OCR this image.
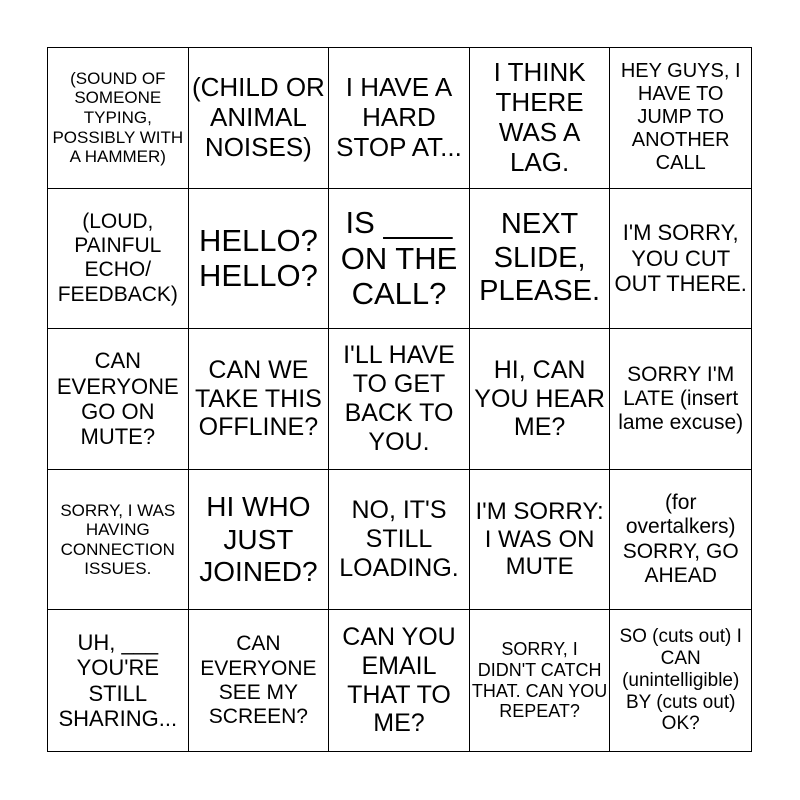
(SOUND OF SOMEONE TYPING, POSSIBLY WITH A HAMMER)
(CHILD OR ANIMAL NOISES)
I HAVE A HARD STOP AT...
I THINK THERE WAS A LAG.
HEY GUYS, I HAVE TO JUMP TO ANOTHER CALL
(LOUD, PAINFUL ECHO/ FEEDBACK)
HELLO? HELLO?
IS ____ ON THE CALL?
NEXT SLIDE, PLEASE.
I'M SORRY, YOU CUT OUT THERE.
CAN EVERYONE GO ON MUTE?
CAN WE TAKE THIS OFFLINE?
I'LL HAVE TO GET BACK TO YOU.
HI, CAN YOU HEAR ME?
SORRY I'M LATE (insert lame excuse)
SORRY, I WAS HAVING CONNECTION ISSUES.
HI WHO JUST JOINED?
NO, IT'S STILL LOADING.
I'M SORRY: I WAS ON MUTE
(for overtalkers) SORRY, GO AHEAD
UH, ___ YOU'RE STILL SHARING...
CAN EVERYONE SEE MY SCREEN?
CAN YOU EMAIL THAT TO ME?
SORRY, I DIDN'T CATCH THAT. CAN YOU REPEAT?
SO (cuts out) I CAN (unintelligible) BY (cuts out) OK?
